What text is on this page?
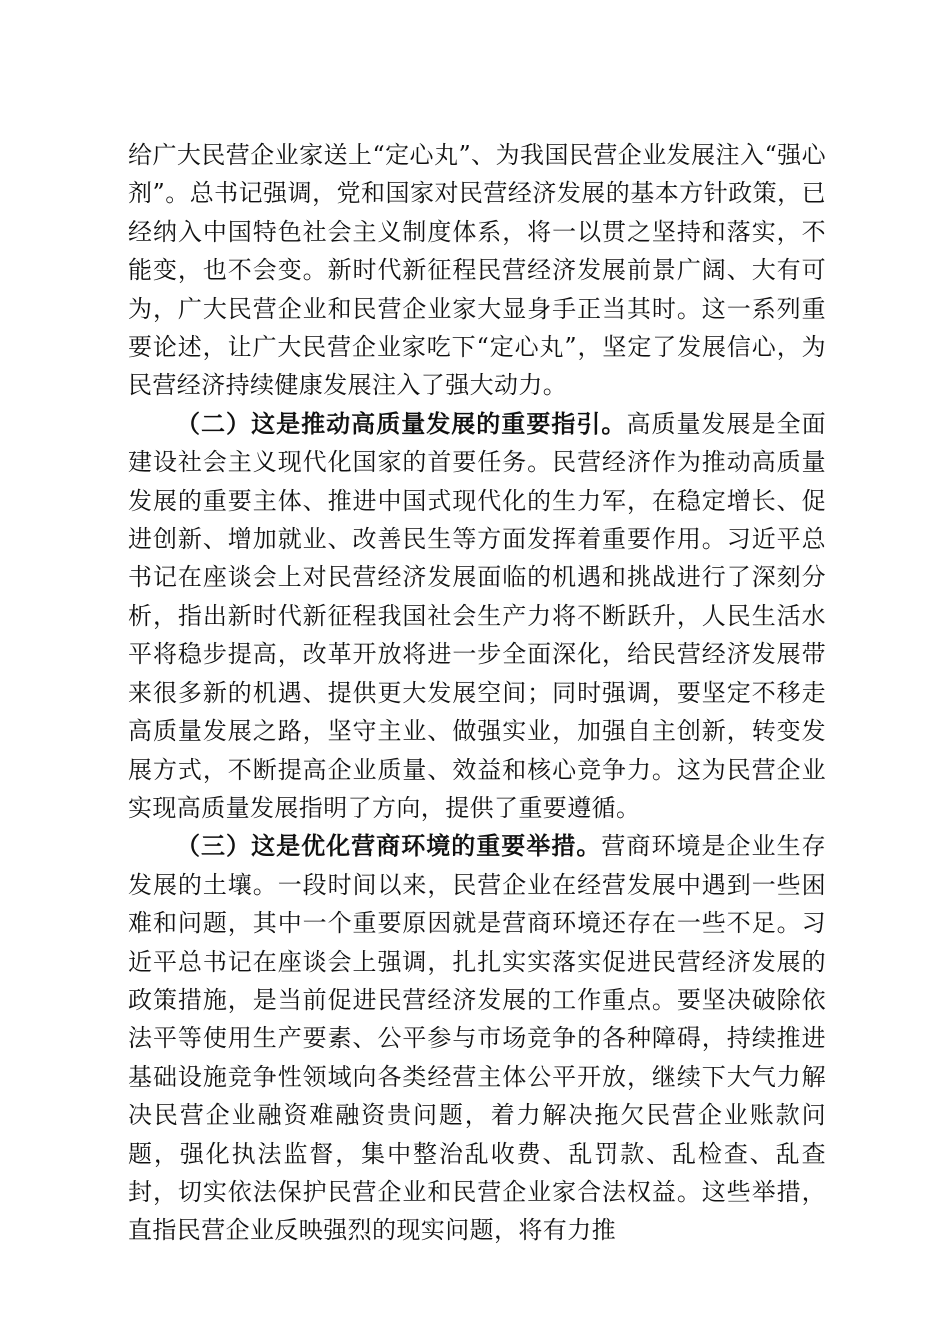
给广大民营企业家送上“定心丸”、为我国民营企业发展注入“强心剂”。总书记强调，党和国家对民营经济发展的基本方针政策，已经纳入中国特色社会主义制度体系，将一以贯之坚持和落实，不能变，也不会变。新时代新征程民营经济发展前景广阔、大有可为，广大民营企业和民营企业家大显身手正当其时。这一系列重要论述，让广大民营企业家吃下“定心丸”，坚定了发展信心，为民营经济持续健康发展注入了强大动力。

（二）这是推动高质量发展的重要指引。高质量发展是全面建设社会主义现代化国家的首要任务。民营经济作为推动高质量发展的重要主体、推进中国式现代化的生力军，在稳定增长、促进创新、增加就业、改善民生等方面发挥着重要作用。习近平总书记在座谈会上对民营经济发展面临的机遇和挑战进行了深刻分析，指出新时代新征程我国社会生产力将不断跃升，人民生活水平将稳步提高，改革开放将进一步全面深化，给民营经济发展带来很多新的机遇、提供更大发展空间；同时强调，要坚定不移走高质量发展之路，坚守主业、做强实业，加强自主创新，转变发展方式，不断提高企业质量、效益和核心竞争力。这为民营企业实现高质量发展指明了方向，提供了重要遵循。

（三）这是优化营商环境的重要举措。营商环境是企业生存发展的土壤。一段时间以来，民营企业在经营发展中遇到一些困难和问题，其中一个重要原因就是营商环境还存在一些不足。习近平总书记在座谈会上强调，扎扎实实落实促进民营经济发展的政策措施，是当前促进民营经济发展的工作重点。要坚决破除依法平等使用生产要素、公平参与市场竞争的各种障碍，持续推进基础设施竞争性领域向各类经营主体公平开放，继续下大气力解决民营企业融资难融资贵问题，着力解决拖欠民营企业账款问题，强化执法监督，集中整治乱收费、乱罚款、乱检查、乱查封，切实依法保护民营企业和民营企业家合法权益。这些举措，直指民营企业反映强烈的现实问题，将有力推
